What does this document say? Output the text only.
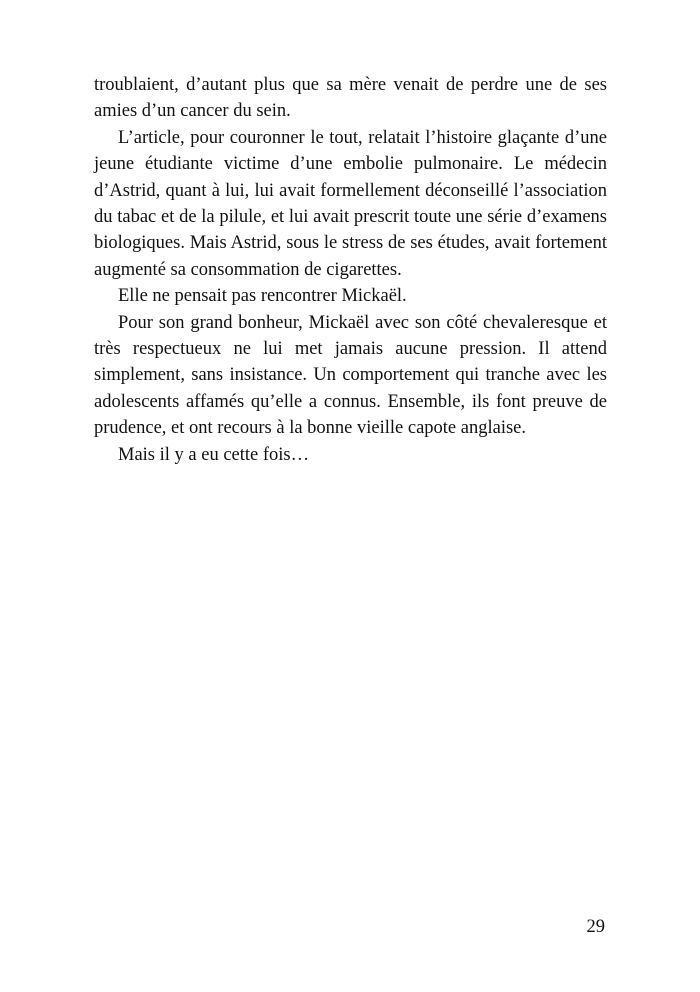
troublaient, d’autant plus que sa mère venait de perdre une de ses amies d’un cancer du sein.

L’article, pour couronner le tout, relatait l’histoire glaçante d’une jeune étudiante victime d’une embolie pulmonaire. Le médecin d’Astrid, quant à lui, lui avait formellement déconseillé l’association du tabac et de la pilule, et lui avait prescrit toute une série d’examens biologiques. Mais Astrid, sous le stress de ses études, avait fortement augmenté sa consommation de cigarettes.

Elle ne pensait pas rencontrer Mickaël.

Pour son grand bonheur, Mickaël avec son côté chevaleresque et très respectueux ne lui met jamais aucune pression. Il attend simplement, sans insistance. Un comportement qui tranche avec les adolescents affamés qu’elle a connus. Ensemble, ils font preuve de prudence, et ont recours à la bonne vieille capote anglaise.

Mais il y a eu cette fois…

29
